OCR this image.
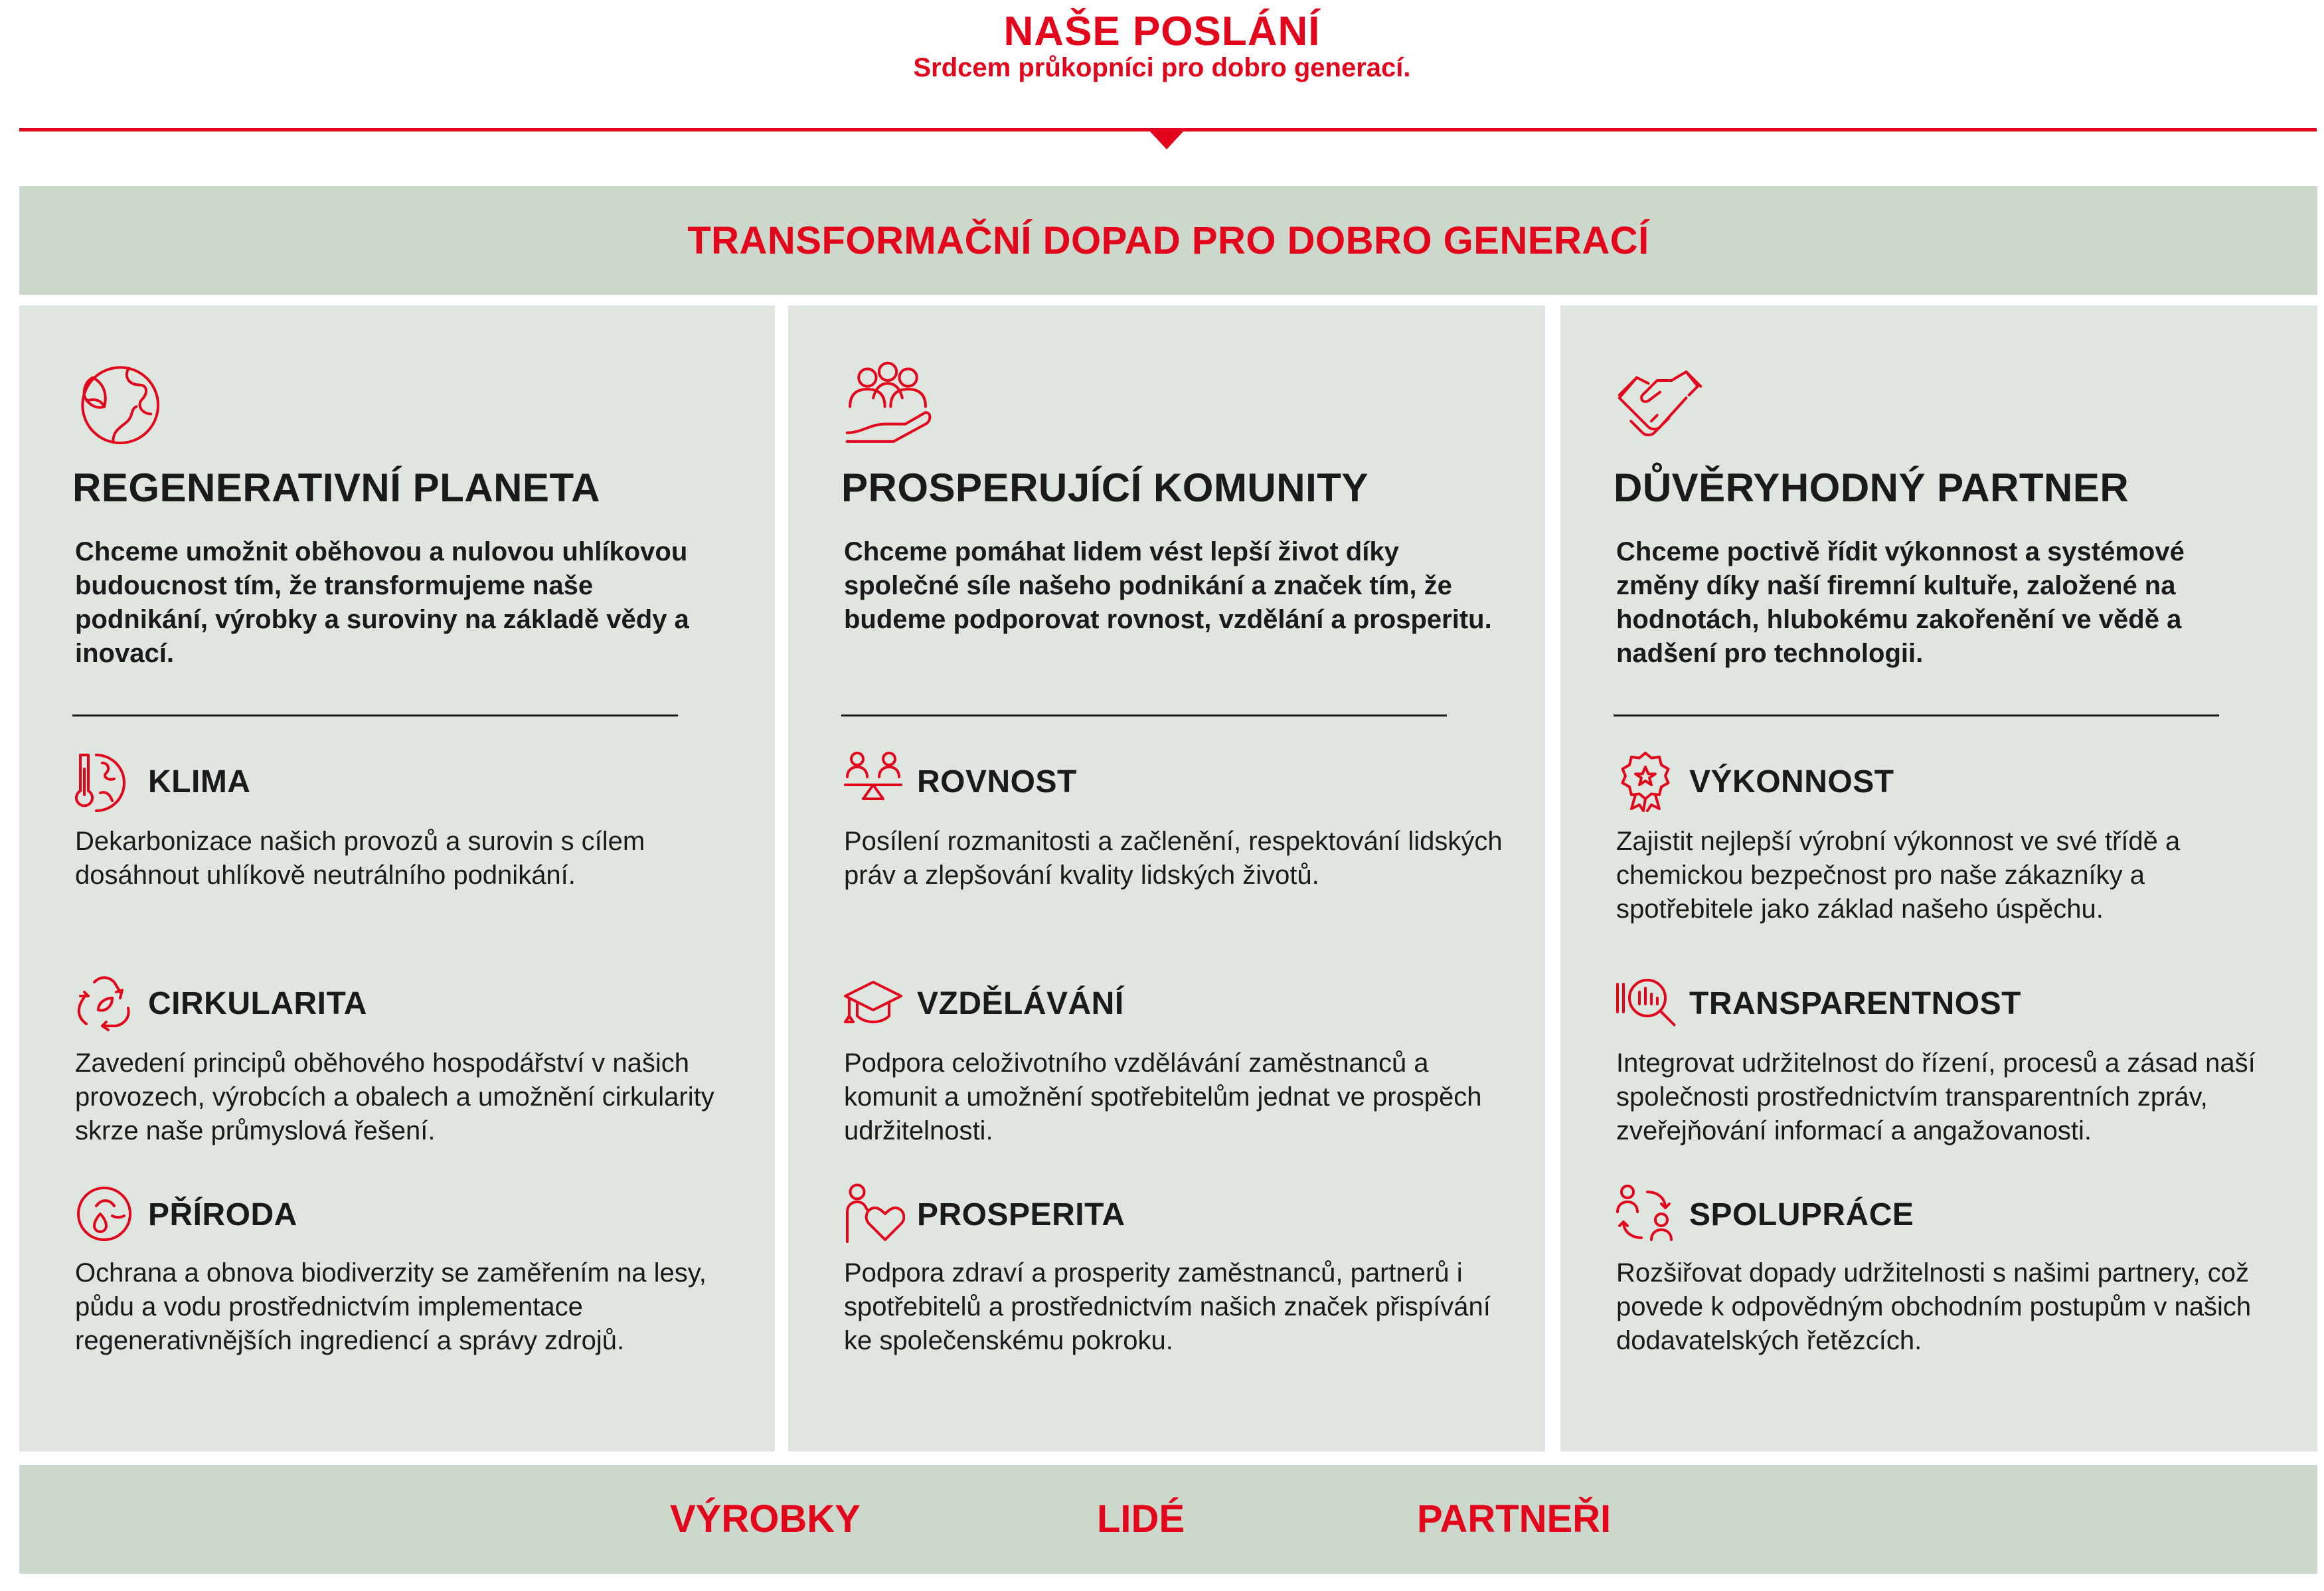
NAŠE POSLÁNÍ
Srdcem průkopníci pro dobro generací.
TRANSFORMAČNÍ DOPAD PRO DOBRO GENERACÍ
REGENERATIVNÍ PLANETA
Chceme umožnit oběhovou a nulovou uhlíkovou budoucnost tím, že transformujeme naše podnikání, výrobky a suroviny na základě vědy a inovací.
KLIMA
Dekarbonizace našich provozů a surovin s cílem dosáhnout uhlíkově neutrálního podnikání.
CIRKULARITA
Zavedení principů oběhového hospodářství v našich provozech, výrobcích a obalech a umožnění cirkularity skrze naše průmyslová řešení.
PŘÍRODA
Ochrana a obnova biodiverzity se zaměřením na lesy, půdu a vodu prostřednictvím implementace regenerativnějších ingrediencí a správy zdrojů.
PROSPERUJÍCÍ KOMUNITY
Chceme pomáhat lidem vést lepší život díky společné síle našeho podnikání a značek tím, že budeme podporovat rovnost, vzdělání a prosperitu.
ROVNOST
Posílení rozmanitosti a začlenění, respektování lidských práv a zlepšování kvality lidských životů.
VZDĚLÁVÁNÍ
Podpora celoživotního vzdělávání zaměstnanců a komunit a umožnění spotřebitelům jednat ve prospěch udržitelnosti.
PROSPERITA
Podpora zdraví a prosperity zaměstnanců, partnerů i spotřebitelů a prostřednictvím našich značek přispívání ke společenskému pokroku.
DŮVĚRYHODNÝ PARTNER
Chceme poctivě řídit výkonnost a systémové změny díky naší firemní kultuře, založené na hodnotách, hlubokému zakořenění ve vědě a nadšení pro technologii.
VÝKONNOST
Zajistit nejlepší výrobní výkonnost ve své třídě a chemickou bezpečnost pro naše zákazníky a spotřebitele jako základ našeho úspěchu.
TRANSPARENTNOST
Integrovat udržitelnost do řízení, procesů a zásad naší společnosti prostřednictvím transparentních zpráv, zveřejňování informací a angažovanosti.
SPOLUPRÁCE
Rozšiřovat dopady udržitelnosti s našimi partnery, což povede k odpovědným obchodním postupům v našich dodavatelských řetězcích.
VÝROBKY	LIDÉ	PARTNEŘI
